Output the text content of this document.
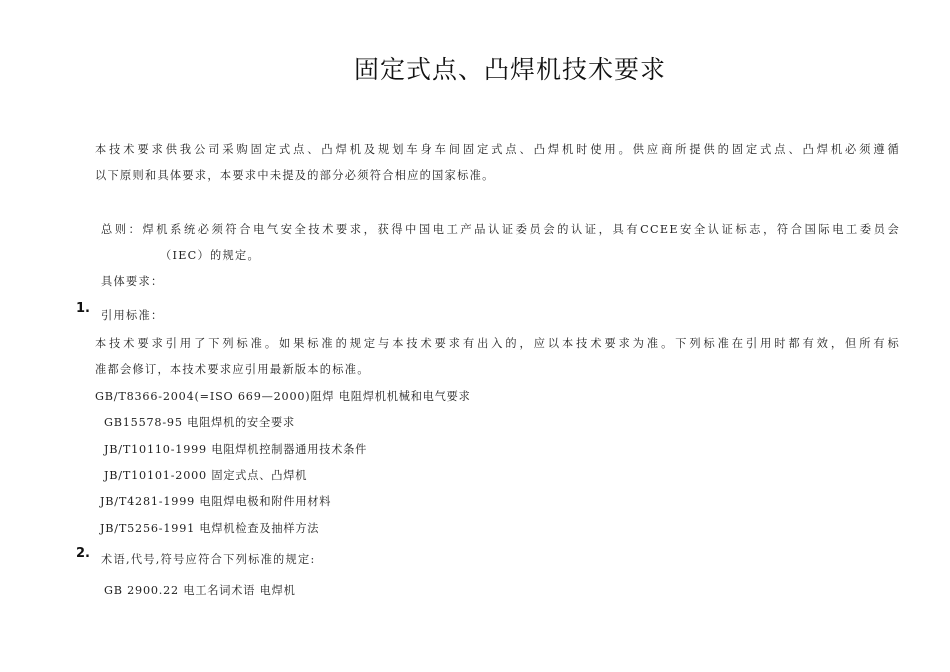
固定式点、凸焊机技术要求
本技术要求供我公司采购固定式点、凸焊机及规划车身车间固定式点、凸焊机时使用。供应商所提供的固定式点、凸焊机必须遵循
以下原则和具体要求，本要求中未提及的部分必须符合相应的国家标准。
总则：焊机系统必须符合电气安全技术要求，获得中国电工产品认证委员会的认证，具有CCEE安全认证标志，符合国际电工委员会
（IEC）的规定。
具体要求：
1. 引用标准：
本技术要求引用了下列标准。如果标准的规定与本技术要求有出入的，应以本技术要求为准。下列标准在引用时都有效，但所有标
准都会修订，本技术要求应引用最新版本的标准。
GB/T8366-2004(=ISO 669—2000)阻焊 电阻焊机机械和电气要求
GB15578-95 电阻焊机的安全要求
JB/T10110-1999 电阻焊机控制器通用技术条件
JB/T10101-2000 固定式点、凸焊机
JB/T4281-1999 电阻焊电极和附件用材料
JB/T5256-1991 电焊机检查及抽样方法
2. 术语,代号,符号应符合下列标准的规定:
GB 2900.22 电工名词术语 电焊机
